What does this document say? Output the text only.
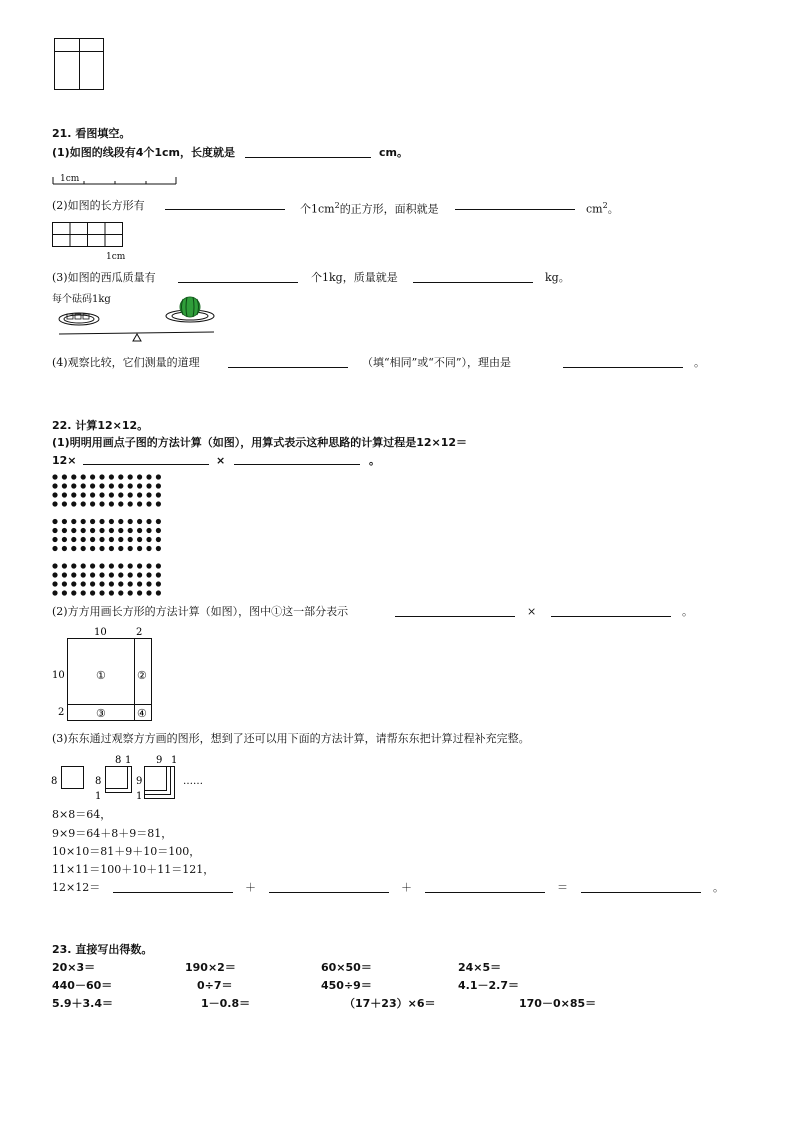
21. 看图填空。
(1)如图的线段有4个1cm，长度就是	cm。
1cm
(2)如图的长方形有	个$1cm^2$的正方形，面积就是	$cm^2$。
1cm
(3)如图的西瓜质量有	个1kg，质量就是	kg。
每个砝码1kg
(4)观察比较，它们测量的道理	（填“相同”或“不同”），理由是	。
22. 计算12×12。
(1)明明用画点子图的方法计算（如图），用算式表示这种思路的计算过程是12×12＝
12×	×	。
(2)方方用画长方形的方法计算（如图），图中①这一部分表示	×	。
10	2
10
2
①	②
③	④
(3)东东通过观察方方画的图形，想到了还可以用下面的方法计算，请帮东东把计算过程补充完整。
8	8
1
8 1
9
1
9 1
……
8×8＝64，
9×9＝64＋8＋9＝81，
10×10＝81＋9＋10＝100，
11×11＝100＋10＋11＝121，
12×12＝	＋	＋	＝	。
23. 直接写出得数。
20×3＝	190×2＝	60×50＝	24×5＝
440－60＝	0÷7＝	450÷9＝	4.1－2.7＝
5.9＋3.4＝	1－0.8＝	（17＋23）×6＝	170－0×85＝
